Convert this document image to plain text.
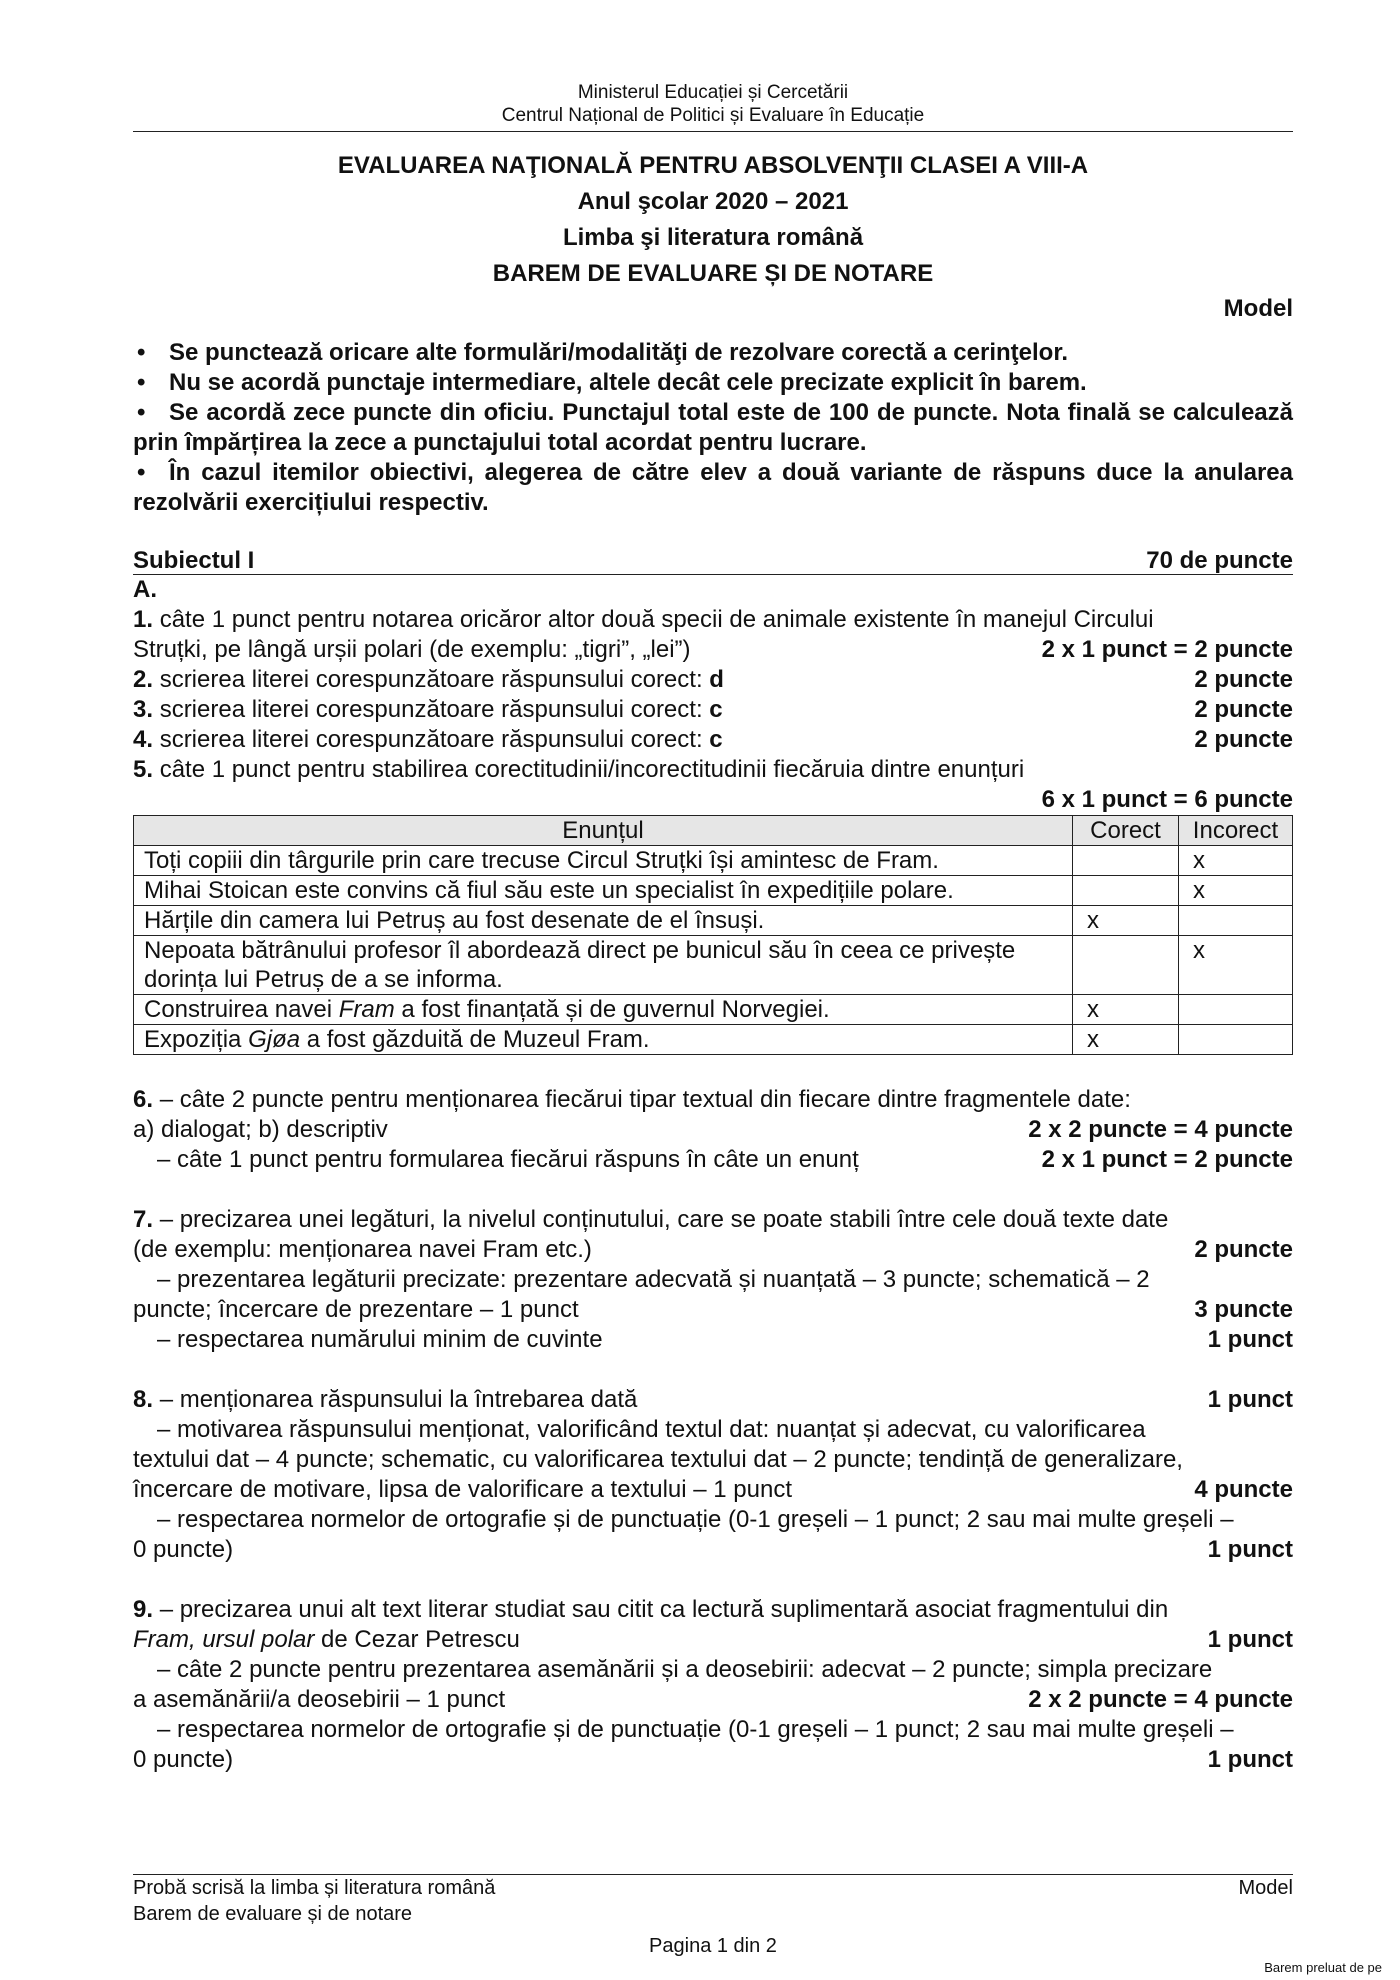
Ministerul Educației și Cercetării
Centrul Național de Politici și Evaluare în Educație
EVALUAREA NAŢIONALĂ PENTRU ABSOLVENŢII CLASEI A VIII-A
Anul şcolar 2020 – 2021
Limba şi literatura română
BAREM DE EVALUARE ȘI DE NOTARE
Model
• Se punctează oricare alte formulări/modalităţi de rezolvare corectă a cerinţelor.
• Nu se acordă punctaje intermediare, altele decât cele precizate explicit în barem.
• Se acordă zece puncte din oficiu. Punctajul total este de 100 de puncte. Nota finală se calculează prin împărțirea la zece a punctajului total acordat pentru lucrare.
• În cazul itemilor obiectivi, alegerea de către elev a două variante de răspuns duce la anularea rezolvării exercițiului respectiv.
Subiectul I	70 de puncte
A.
1. câte 1 punct pentru notarea oricăror altor două specii de animale existente în manejul Circului
Struțki, pe lângă urșii polari (de exemplu: „tigri”, „lei”)	2 x 1 punct = 2 puncte
2. scrierea literei corespunzătoare răspunsului corect: d	2 puncte
3. scrierea literei corespunzătoare răspunsului corect: c	2 puncte
4. scrierea literei corespunzătoare răspunsului corect: c	2 puncte
5. câte 1 punct pentru stabilirea corectitudinii/incorectitudinii fiecăruia dintre enunțuri
6 x 1 punct = 6 puncte
Enunțul	Corect	Incorect
Toți copiii din târgurile prin care trecuse Circul Struțki își amintesc de Fram.		x
Mihai Stoican este convins că fiul său este un specialist în expedițiile polare.		x
Hărțile din camera lui Petruș au fost desenate de el însuși.	x	
Nepoata bătrânului profesor îl abordează direct pe bunicul său în ceea ce privește dorința lui Petruș de a se informa.		x
Construirea navei Fram a fost finanțată și de guvernul Norvegiei.	x	
Expoziția Gjøa a fost găzduită de Muzeul Fram.	x	
6. – câte 2 puncte pentru menționarea fiecărui tipar textual din fiecare dintre fragmentele date:
a) dialogat; b) descriptiv	2 x 2 puncte = 4 puncte
– câte 1 punct pentru formularea fiecărui răspuns în câte un enunț	2 x 1 punct = 2 puncte
7. – precizarea unei legături, la nivelul conținutului, care se poate stabili între cele două texte date
(de exemplu: menționarea navei Fram etc.)	2 puncte
– prezentarea legăturii precizate: prezentare adecvată și nuanțată – 3 puncte; schematică – 2
puncte; încercare de prezentare – 1 punct	3 puncte
– respectarea numărului minim de cuvinte	1 punct
8. – menționarea răspunsului la întrebarea dată	1 punct
– motivarea răspunsului menționat, valorificând textul dat: nuanțat și adecvat, cu valorificarea
textului dat – 4 puncte; schematic, cu valorificarea textului dat – 2 puncte; tendință de generalizare,
încercare de motivare, lipsa de valorificare a textului – 1 punct	4 puncte
– respectarea normelor de ortografie și de punctuație (0-1 greșeli – 1 punct; 2 sau mai multe greșeli –
0 puncte)	1 punct
9. – precizarea unui alt text literar studiat sau citit ca lectură suplimentară asociat fragmentului din
Fram, ursul polar de Cezar Petrescu	1 punct
– câte 2 puncte pentru prezentarea asemănării și a deosebirii: adecvat – 2 puncte; simpla precizare
a asemănării/a deosebirii – 1 punct	2 x 2 puncte = 4 puncte
– respectarea normelor de ortografie și de punctuație (0-1 greșeli – 1 punct; 2 sau mai multe greșeli –
0 puncte)	1 punct
Probă scrisă la limba și literatura română	Model
Barem de evaluare și de notare
Pagina 1 din 2
Barem preluat de pe
